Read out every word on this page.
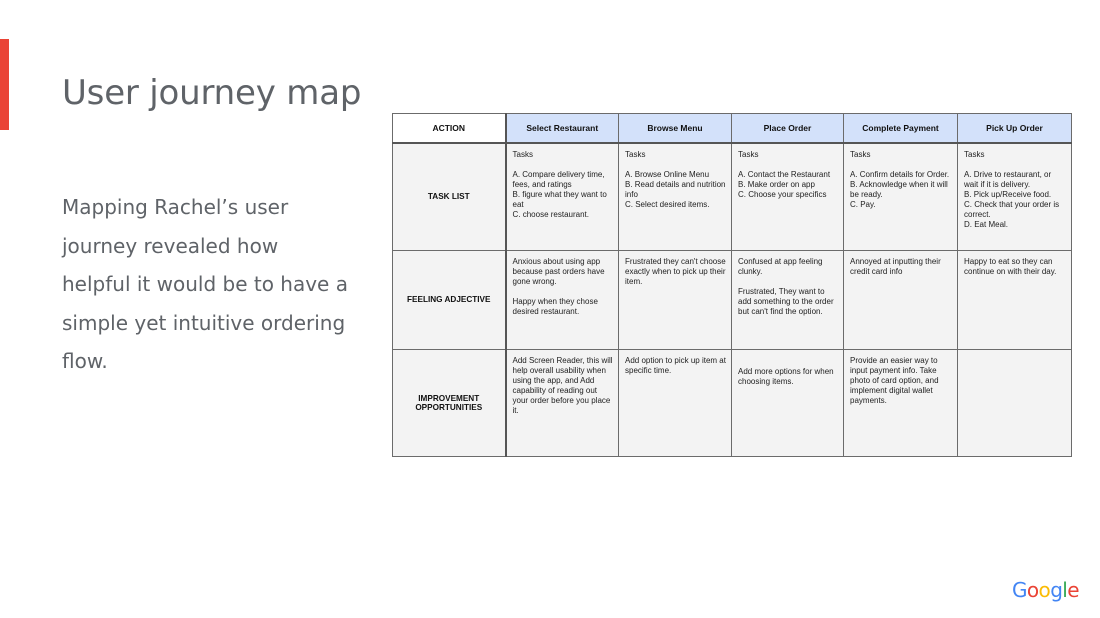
User journey map

Mapping Rachel’s user journey revealed how helpful it would be to have a simple yet intuitive ordering flow.

ACTION	Select Restaurant	Browse Menu	Place Order	Complete Payment	Pick Up Order
TASK LIST	Tasks

A. Compare delivery time, fees, and ratings
B. figure what they want to eat
C. choose restaurant.	Tasks

A. Browse Online Menu
B. Read details and nutrition info
C. Select desired items.	Tasks

A. Contact the Restaurant
B. Make order on app
C. Choose your specifics	Tasks

A. Confirm details for Order.
B. Acknowledge when it will be ready.
C. Pay.	Tasks

A. Drive to restaurant, or wait if it is delivery.
B. Pick up/Receive food.
C. Check that your order is correct.
D. Eat Meal.

FEELING ADJECTIVE	Anxious about using app because past orders have gone wrong.

Happy when they chose desired restaurant.	Frustrated they can't choose exactly when to pick up their item.	Confused at app feeling clunky.

Frustrated, They want to add something to the order but can't find the option.	Annoyed at inputting their credit card info	Happy to eat so they can continue on with their day.

IMPROVEMENT OPPORTUNITIES	Add Screen Reader, this will help overall usability when using the app, and Add capability of reading out your order before you place it.	Add option to pick up item at specific time.	Add more options for when choosing items.	Provide an easier way to input payment info. Take photo of card option, and implement digital wallet payments.	

Google
